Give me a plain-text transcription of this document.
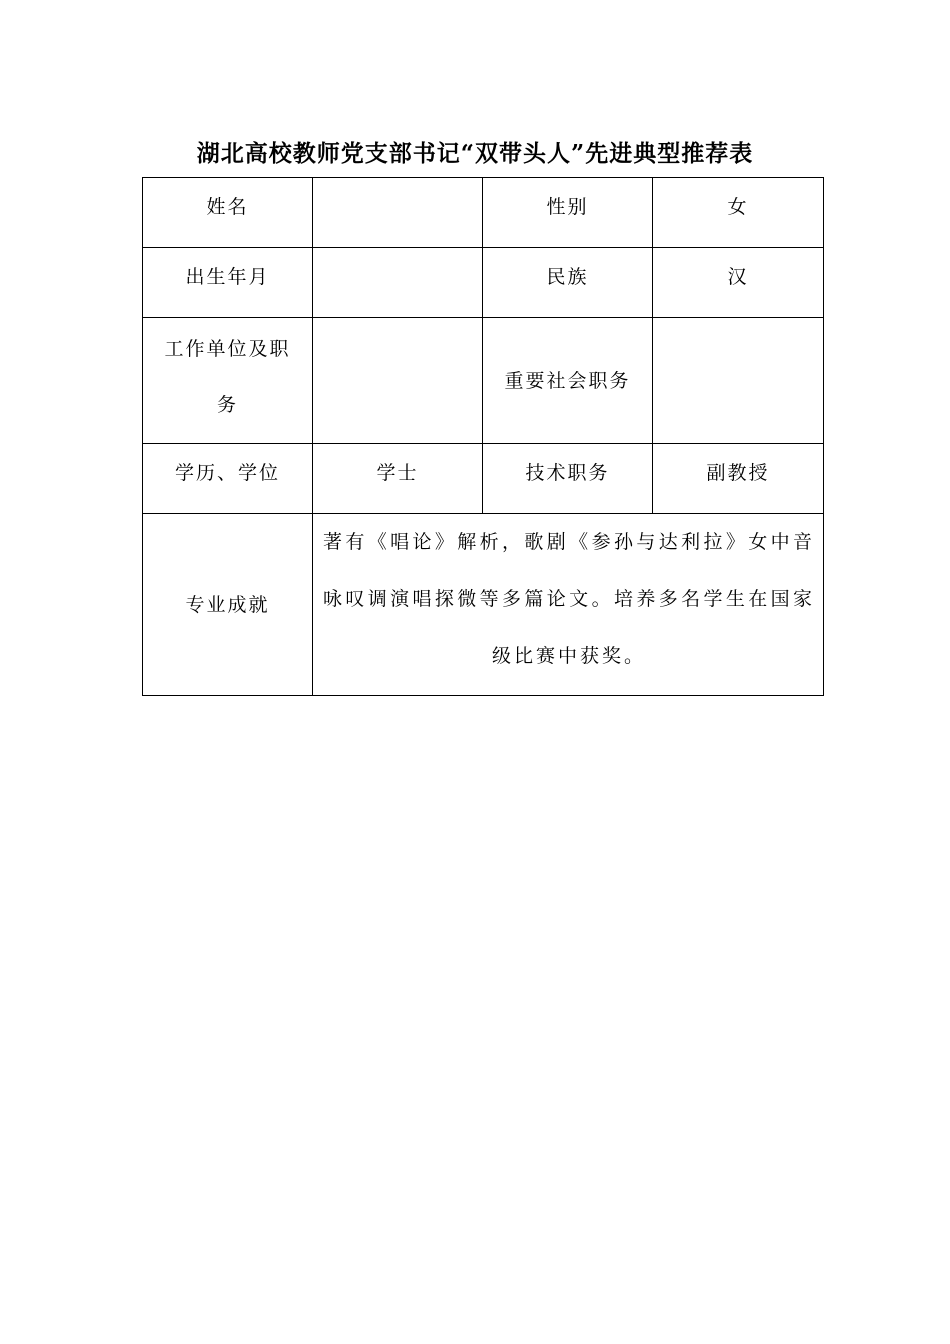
湖北高校教师党支部书记“双带头人”先进典型推荐表
姓名		性别	女
出生年月		民族	汉

工作单位及职务		重要社会职务	
学历、学位	学士	技术职务	副教授
专业成就	著有《唱论》解析，歌剧《参孙与达利拉》女中音咏叹调演唱探微等多篇论文。培养多名学生在国家级比赛中获奖。		
